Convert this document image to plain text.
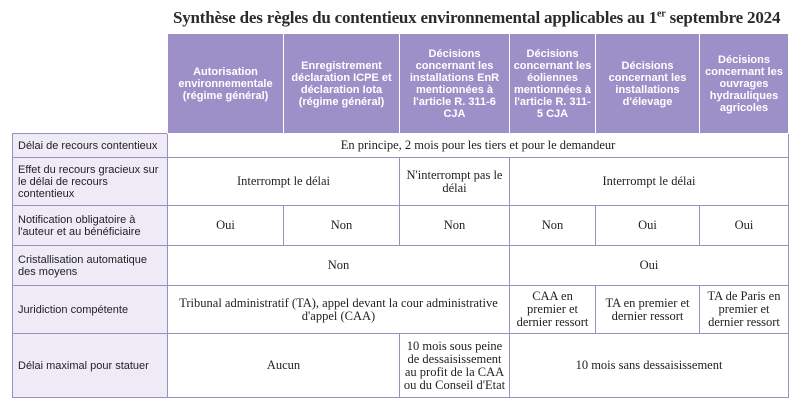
Synthèse des règles du contentieux environnemental applicables au 1er septembre 2024
	Autorisation environnementale (régime général)	Enregistrement déclaration ICPE et déclaration Iota (régime général)	Décisions concernant les installations EnR mentionnées à l'article R. 311-6 CJA	Décisions concernant les éoliennes mentionnées à l'article R. 311-5 CJA	Décisions concernant les installations d'élevage	Décisions concernant les ouvrages hydrauliques agricoles
Délai de recours contentieux	En principe, 2 mois pour les tiers et pour le demandeur					
Effet du recours gracieux sur le délai de recours contentieux	Interrompt le délai		N'interrompt pas le délai	Interrompt le délai		
Notification obligatoire à l'auteur et au bénéficiaire	Oui	Non	Non	Non	Oui	Oui
Cristallisation automatique des moyens	Non			Oui		
Juridiction compétente	Tribunal administratif (TA), appel devant la cour administrative d'appel (CAA)			CAA en premier et dernier ressort	TA en premier et dernier ressort	TA de Paris en premier et dernier ressort
Délai maximal pour statuer	Aucun		10 mois sous peine de dessaisissement au profit de la CAA ou du Conseil d'Etat	10 mois sans dessaisissement		
